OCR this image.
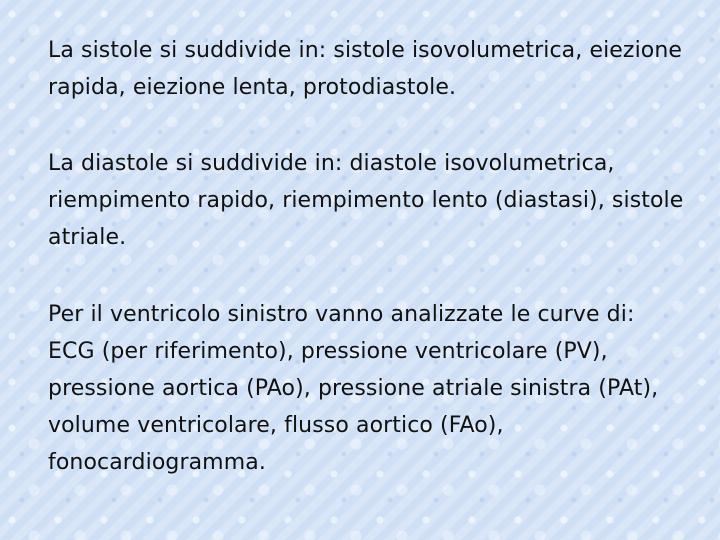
La sistole si suddivide in: sistole isovolumetrica, eiezione rapida, eiezione lenta, protodiastole.

La diastole si suddivide in: diastole isovolumetrica, riempimento rapido, riempimento lento (diastasi), sistole atriale.

Per il ventricolo sinistro vanno analizzate le curve di: ECG (per riferimento), pressione ventricolare (PV), pressione aortica (PAo), pressione atriale sinistra (PAt), volume ventricolare, flusso aortico (FAo), fonocardiogramma.
